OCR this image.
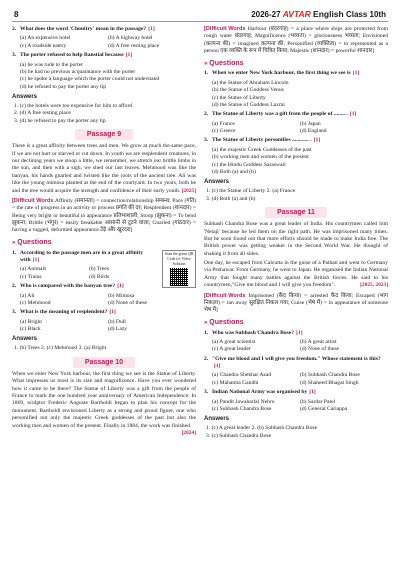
8	2026-27 AVTAR English Class 10th
2. What does the word 'Chouitry' mean in the passage? [1]
(a) An expensive hotel	(b) A highway hotel
(c) A roadside eatery	(d) A free resting place
3. The porter refused to help Banstial because [1]
(a) he was rude to the porter
(b) he had no previous acquaintance with the porter
(c) he spoke a language which the porter could not understand
(d) he refused to pay the porter any tip
Answers
1. (c) the hotels were too expensive for him to afford
2. (d) A free resting place
3. (d) he refused to pay the porter any tip
Passage 9
There is a great affinity between trees and men. We grow at much the same pace, if we are not hurt or starved or cut down. In youth we are resplendent creatures, in our declining years we stoop a little, we remember, we stretch our brittle limbs in the sun, and then with a sigh, we shed our last leaves. Mehmood was like the banyan, his hands gnarled and twisted like the roots of the ancient tree. Ali was like the young mimosa planted at the end of the courtyard. In two years, both he and the tree would acquire the strength and confidence of their early youth. [2025]
[Difficult Words Affinity (समानता) = connection/relationship सम्बन्ध; Pace (गति) = the rate of progress in an activity or process प्रगति की दर; Resplendent (शानदार) = Being very bright or beautiful in appearance प्रतिभाशाली; Stoop (झुकना) = To bend झुकना; Brittle (भंगुर) = easily breakable आसानी से टूटने वाला; Gnarled (गांठदार) = having a rugged, deformed appearance टेढ़े और खुरदरा]
» Questions
Scan the given QR Code for Video Solution
1. According to the passage men are in a great affinity with [1]
(a) Animals	(b) Trees
(c) Trains	(d) Birds
2. Who is compared with the banyan tree? [1]
(a) Ali	(b) Mimosa
(c) Mehmood	(d) None of these
3. What is the meaning of resplendent? [1]
(a) Bright	(b) Dull
(c) Black	(d) Lazy
Answers
1. (b) Trees 2. (c) Mehmood 3. (a) Bright
Passage 10
When we enter New York harbour, the first thing we see is the Statue of Liberty. What impresses us most is its size and magnificence. Have you ever wondered how it came to be there? The Statue of Liberty was a gift from the people of France to mark the one hundred year anniversary of American Independence. In 1869, sculptor Frederic Auguste Bartholdi began to plan his concept for the monument. Bartholdi envisioned Liberty as a strong and proud figure, one who personified not only the majestic Greek goddesses of the past but also the working men and women of the present. Finally in 1884, the work was finished.
[2024]
[Difficult Words Harbour (बंदरगाह) = a place where ships are protected from rough water बंदरगाह; Magnificence (भव्यता) = gloriousness भव्यता; Envisioned (कल्पना की) = imagined कल्पना की; Personified (व्यक्तित्व) = to represented as a person एक व्यक्ति के रूप में चित्रित किया; Majestic (शानदार) = powerful शानदार]
» Questions
1. When we enter New York harbour, the first thing we see is [1]
(a) the Statue of Abraham Lincoln
(b) the Statue of Goddess Venus
(c) the Statue of Liberty
(d) the Statue of Goddess Laxmi
2. The Statue of Liberty was a gift from the people of ........ . [1]
(a) France	(b) Japan
(c) Greece	(d) England
3. The Statue of Liberty personifies ............ . [1]
(a) the majestic Greek Goddesses of the past
(b) working men and women of the present
(c) the Hindu Goddess Saraswati
(d) Both (a) and (b)
Answers
1. (c) the Statue of Liberty 2. (a) France
3. (d) Both (a) and (b)
Passage 11
Subhash Chandra Bose was a great leader of India. His countrymen called him 'Netaji' because he led them on the right path. He was imprisoned many times. But he soon found out that more efforts should be made to make India free. The British power was getting weaker in the Second World War. He thought of shaking it from all sides.
One day, he escaped from Calcutta in the guise of a Pathan and went to Germany via Peshawar. From Germany, he went to Japan. He organised the Indian National Army that fought many battles against the British forces. He said to his countrymen,"Give me blood and I will give you freedom".	[2025, 2023]
[Difficult Words Imprisoned (कैद किया) = arrested कैद किया; Escaped (भाग निकला) = ran away सुरक्षित निकल गया; Guise (भेष में) = in appearance of someone भेष में]
» Questions
1. Who was Subhash Chandra Bose? [1]
(a) A great scientist	(b) A great artist
(c) A great leader	(d) None of these
2. "Give me blood and I will give you freedom." Whose statement is this?[1]
(a) Chandra Shekhar Azad	(b) Subhash Chandra Bose
(c) Mahatma Gandhi	(d) Shaheed Bhagat Singh
3. Indian National Army was organised by [1]
(a) Pandit Jawaharlal Nehru	(b) Sardar Patel
(c) Subhash Chandra Bose	(d) General Cariappa
Answers
1. (c) A great leader 2. (b) Subhash Chandra Bose
3. (c) Subhash Chandra Bose
